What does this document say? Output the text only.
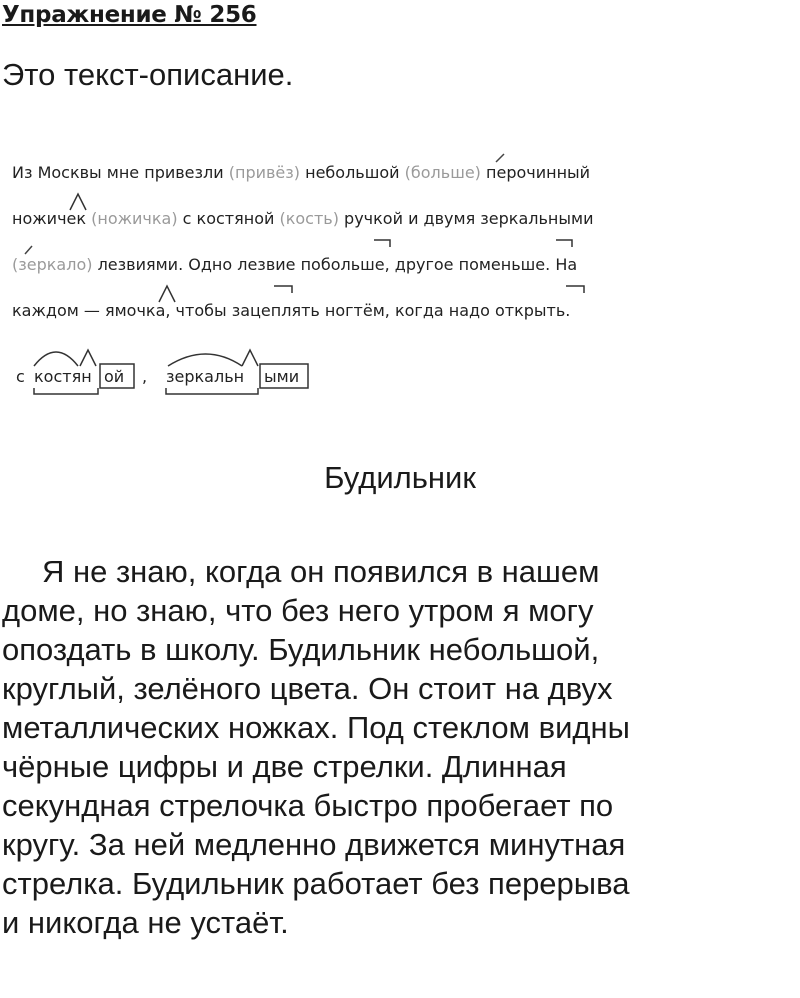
Упражнение № 256
Это текст-описание.
Из Москвы мне привезли (привёз) небольшой (больше) перочинный
ножичек (ножичка) с костяной (кость) ручкой и двумя зеркальными
(зеркало) лезвиями. Одно лезвие побольше, другое поменьше. На
каждом — ямочка, чтобы зацеплять ногтём, когда надо открыть.
с костян ой , зеркальн ыми
Будильник
Я не знаю, когда он появился в нашем
доме, но знаю, что без него утром я могу
опоздать в школу. Будильник небольшой,
круглый, зелёного цвета. Он стоит на двух
металлических ножках. Под стеклом видны
чёрные цифры и две стрелки. Длинная
секундная стрелочка быстро пробегает по
кругу. За ней медленно движется минутная
стрелка. Будильник работает без перерыва
и никогда не устаёт.
